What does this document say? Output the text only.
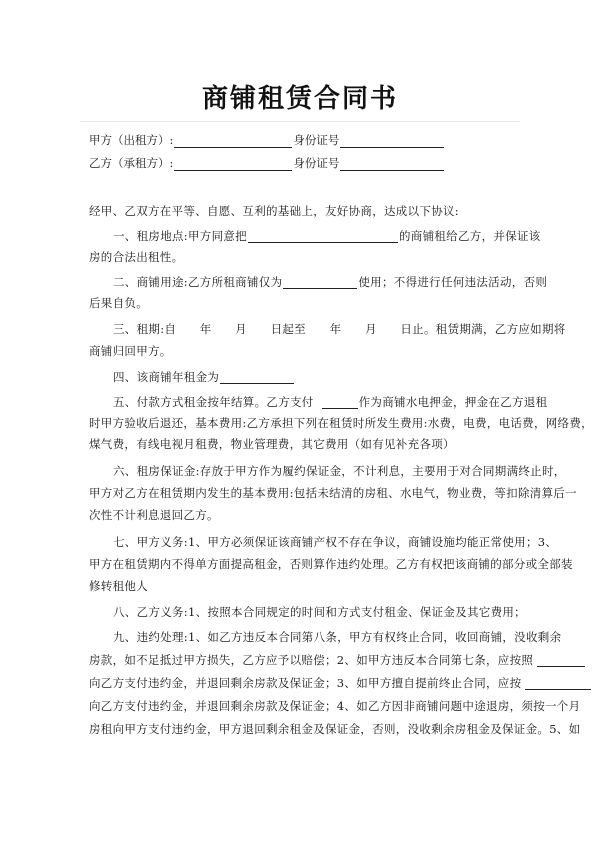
商铺租赁合同书
甲方（出租方）:	身份证号
乙方（承租方）:	身份证号
经甲、乙双方在平等、自愿、互利的基础上，友好协商，达成以下协议:
一、租房地点:甲方同意把	的商铺租给乙方，并保证该
房的合法出租性。
二、商铺用途:乙方所租商铺仅为	使用；不得进行任何违法活动，否则
后果自负。
三、租期:自　　年　　月　　日起至　　年　　月　　日止。租赁期满，乙方应如期将
商铺归回甲方。
四、该商铺年租金为
五、付款方式租金按年结算。乙方支付	作为商铺水电押金，押金在乙方退租
时甲方验收后退还，基本费用:乙方承担下列在租赁时所发生费用:水费，电费，电话费，网络费，
煤气费，有线电视月租费，物业管理费，其它费用（如有见补充各项）
六、租房保证金:存放于甲方作为履约保证金，不计利息，主要用于对合同期满终止时，
甲方对乙方在租赁期内发生的基本费用:包括未结清的房租、水电气，物业费，等扣除清算后一
次性不计利息退回乙方。
七、甲方义务:1、甲方必须保证该商铺产权不存在争议，商铺设施均能正常使用；3、
甲方在租赁期内不得单方面提高租金，否则算作违约处理。乙方有权把该商铺的部分或全部装
修转租他人
八、乙方义务:1、按照本合同规定的时间和方式支付租金、保证金及其它费用；
九、违约处理:1、如乙方违反本合同第八条，甲方有权终止合同，收回商铺，没收剩余
房款，如不足抵过甲方损失，乙方应予以赔偿；2、如甲方违反本合同第七条，应按照
向乙方支付违约金，并退回剩余房款及保证金；3、如甲方擅自提前终止合同，应按
向乙方支付违约金，并退回剩余房款及保证金；4、如乙方因非商铺问题中途退房，须按一个月
房租向甲方支付违约金，甲方退回剩余租金及保证金，否则，没收剩余房租金及保证金。5、如
